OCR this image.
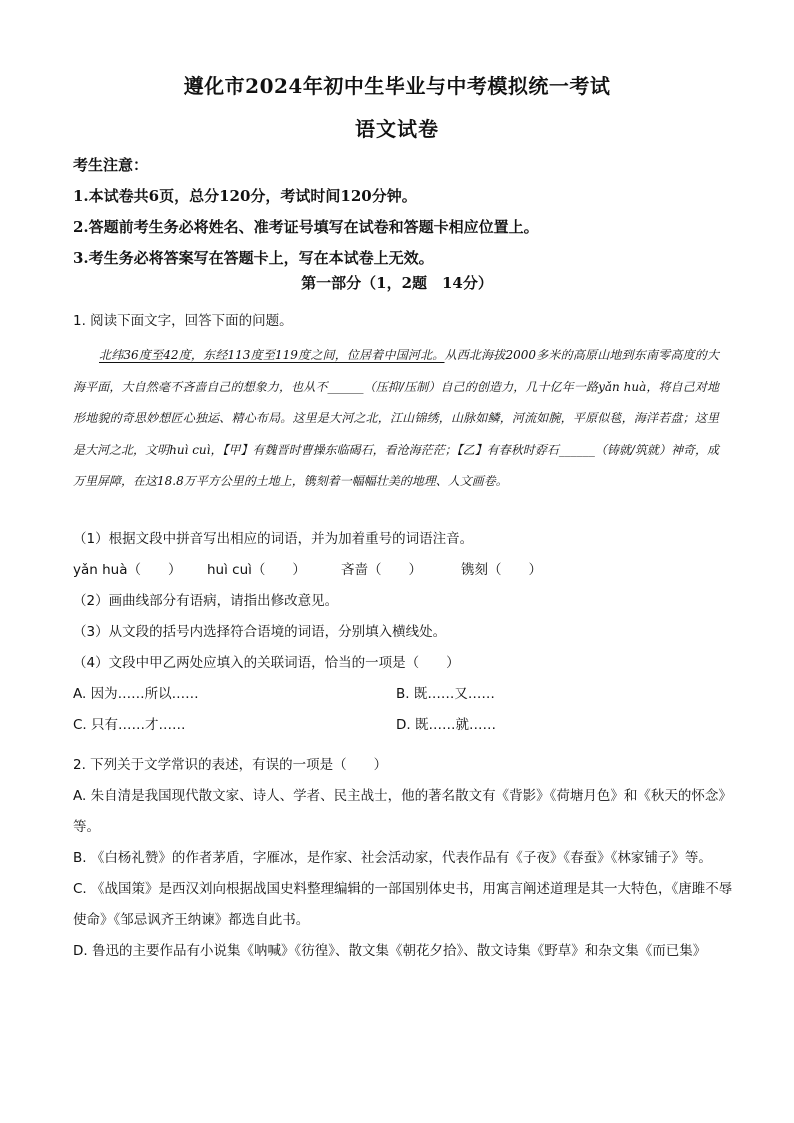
遵化市2024年初中生毕业与中考模拟统一考试
语文试卷
考生注意：
1.本试卷共6页，总分120分，考试时间120分钟。
2.答题前考生务必将姓名、准考证号填写在试卷和答题卡相应位置上。
3.考生务必将答案写在答题卡上，写在本试卷上无效。
第一部分（1，2题　14分）
1. 阅读下面文字，回答下面的问题。
北纬36度至42度，东经113度至119度之间，位居着中国河北。从西北海拔2000多米的高原山地到东南零高度的大海平面，大自然毫不吝啬自己的想象力，也从不______（压抑/压制）自己的创造力，几十亿年一路yǎn huà，将自己对地形地貌的奇思妙想匠心独运、精心布局。这里是大河之北，江山锦绣，山脉如鳞，河流如腕，平原似毯，海洋若盘；这里是大河之北，文明huì cuì，【甲】有魏晋时曹操东临碣石，看沧海茫茫；【乙】有春秋时孬石______（铸就/筑就）神奇，成万里屏障，在这18.8万平方公里的土地上，镌刻着一幅幅壮美的地理、人文画卷。
（1）根据文段中拼音写出相应的词语，并为加着重号的词语注音。
yǎn huà（　　） huì cuì（　　）	吝啬（　　）	镌刻（　　）
（2）画曲线部分有语病，请指出修改意见。
（3）从文段的括号内选择符合语境的词语，分别填入横线处。
（4）文段中甲乙两处应填入的关联词语，恰当的一项是（　　）
A. 因为……所以……	B. 既……又……
C. 只有……才……	D. 既……就……
2. 下列关于文学常识的表述，有误的一项是（　　）
A. 朱自清是我国现代散文家、诗人、学者、民主战士，他的著名散文有《背影》《荷塘月色》和《秋天的怀念》等。
B. 《白杨礼赞》的作者茅盾，字雁冰，是作家、社会活动家，代表作品有《子夜》《春蚕》《林家铺子》等。
C. 《战国策》是西汉刘向根据战国史料整理编辑的一部国别体史书，用寓言阐述道理是其一大特色，《唐雎不辱使命》《邹忌讽齐王纳谏》都选自此书。
D. 鲁迅的主要作品有小说集《呐喊》《彷徨》、散文集《朝花夕拾》、散文诗集《野草》和杂文集《而已集》
